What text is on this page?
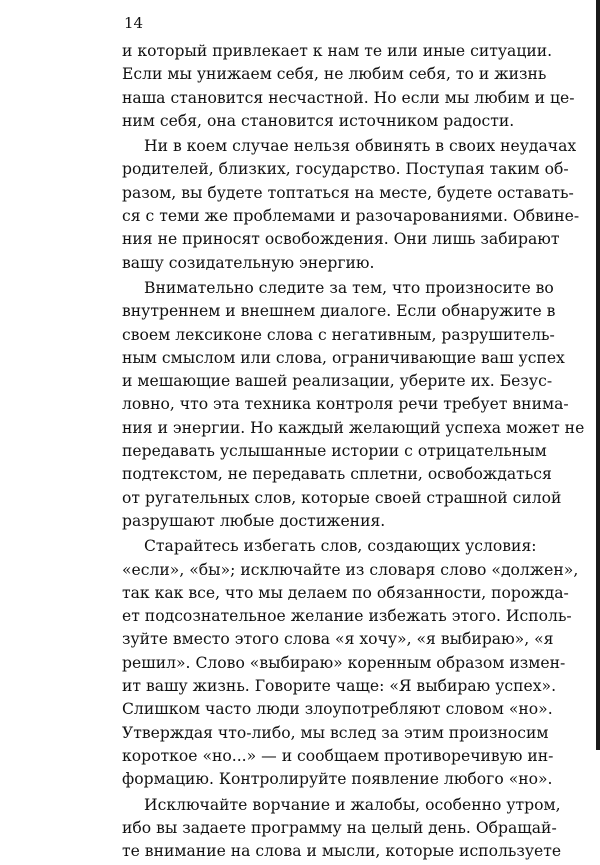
14
и который привлекает к нам те или иные ситуации.
Если мы унижаем себя, не любим себя, то и жизнь
наша становится несчастной. Но если мы любим и це-
ним себя, она становится источником радости.
Ни в коем случае нельзя обвинять в своих неудачах
родителей, близких, государство. Поступая таким об-
разом, вы будете топтаться на месте, будете оставать-
ся с теми же проблемами и разочарованиями. Обвине-
ния не приносят освобождения. Они лишь забирают
вашу созидательную энергию.
Внимательно следите за тем, что произносите во
внутреннем и внешнем диалоге. Если обнаружите в
своем лексиконе слова с негативным, разрушитель-
ным смыслом или слова, ограничивающие ваш успех
и мешающие вашей реализации, уберите их. Безус-
ловно, что эта техника контроля речи требует внима-
ния и энергии. Но каждый желающий успеха может не
передавать услышанные истории с отрицательным
подтекстом, не передавать сплетни, освобождаться
от ругательных слов, которые своей страшной силой
разрушают любые достижения.
Старайтесь избегать слов, создающих условия:
«если», «бы»; исключайте из словаря слово «должен»,
так как все, что мы делаем по обязанности, порожда-
ет подсознательное желание избежать этого. Исполь-
зуйте вместо этого слова «я хочу», «я выбираю», «я
решил». Слово «выбираю» коренным образом измен-
ит вашу жизнь. Говорите чаще: «Я выбираю успех».
Слишком часто люди злоупотребляют словом «но».
Утверждая что-либо, мы вслед за этим произносим
короткое «но...» — и сообщаем противоречивую ин-
формацию. Контролируйте появление любого «но».
Исключайте ворчание и жалобы, особенно утром,
ибо вы задаете программу на целый день. Обращай-
те внимание на слова и мысли, которые используете
